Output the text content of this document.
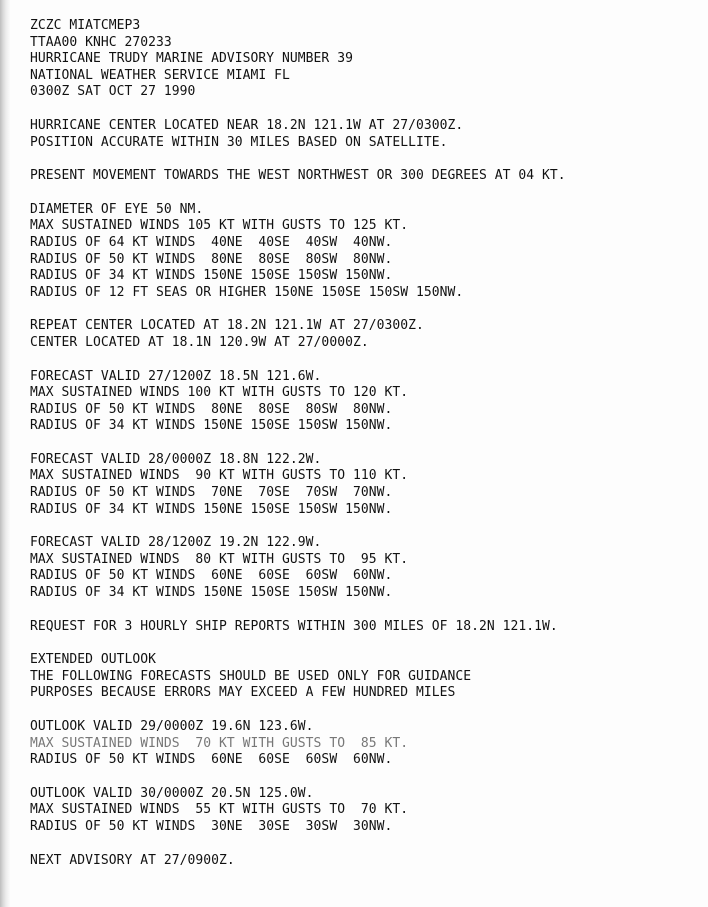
ZCZC MIATCMEP3
TTAA00 KNHC 270233
HURRICANE TRUDY MARINE ADVISORY NUMBER 39
NATIONAL WEATHER SERVICE MIAMI FL
0300Z SAT OCT 27 1990
HURRICANE CENTER LOCATED NEAR 18.2N 121.1W AT 27/0300Z.
POSITION ACCURATE WITHIN 30 MILES BASED ON SATELLITE.
PRESENT MOVEMENT TOWARDS THE WEST NORTHWEST OR 300 DEGREES AT 04 KT.
DIAMETER OF EYE 50 NM.
MAX SUSTAINED WINDS 105 KT WITH GUSTS TO 125 KT.
RADIUS OF 64 KT WINDS  40NE  40SE  40SW  40NW.
RADIUS OF 50 KT WINDS  80NE  80SE  80SW  80NW.
RADIUS OF 34 KT WINDS 150NE 150SE 150SW 150NW.
RADIUS OF 12 FT SEAS OR HIGHER 150NE 150SE 150SW 150NW.
REPEAT CENTER LOCATED AT 18.2N 121.1W AT 27/0300Z.
CENTER LOCATED AT 18.1N 120.9W AT 27/0000Z.
FORECAST VALID 27/1200Z 18.5N 121.6W.
MAX SUSTAINED WINDS 100 KT WITH GUSTS TO 120 KT.
RADIUS OF 50 KT WINDS  80NE  80SE  80SW  80NW.
RADIUS OF 34 KT WINDS 150NE 150SE 150SW 150NW.
FORECAST VALID 28/0000Z 18.8N 122.2W.
MAX SUSTAINED WINDS  90 KT WITH GUSTS TO 110 KT.
RADIUS OF 50 KT WINDS  70NE  70SE  70SW  70NW.
RADIUS OF 34 KT WINDS 150NE 150SE 150SW 150NW.
FORECAST VALID 28/1200Z 19.2N 122.9W.
MAX SUSTAINED WINDS  80 KT WITH GUSTS TO  95 KT.
RADIUS OF 50 KT WINDS  60NE  60SE  60SW  60NW.
RADIUS OF 34 KT WINDS 150NE 150SE 150SW 150NW.
REQUEST FOR 3 HOURLY SHIP REPORTS WITHIN 300 MILES OF 18.2N 121.1W.
EXTENDED OUTLOOK
THE FOLLOWING FORECASTS SHOULD BE USED ONLY FOR GUIDANCE
PURPOSES BECAUSE ERRORS MAY EXCEED A FEW HUNDRED MILES
OUTLOOK VALID 29/0000Z 19.6N 123.6W.
MAX SUSTAINED WINDS  70 KT WITH GUSTS TO  85 KT.
RADIUS OF 50 KT WINDS  60NE  60SE  60SW  60NW.
OUTLOOK VALID 30/0000Z 20.5N 125.0W.
MAX SUSTAINED WINDS  55 KT WITH GUSTS TO  70 KT.
RADIUS OF 50 KT WINDS  30NE  30SE  30SW  30NW.
NEXT ADVISORY AT 27/0900Z.
